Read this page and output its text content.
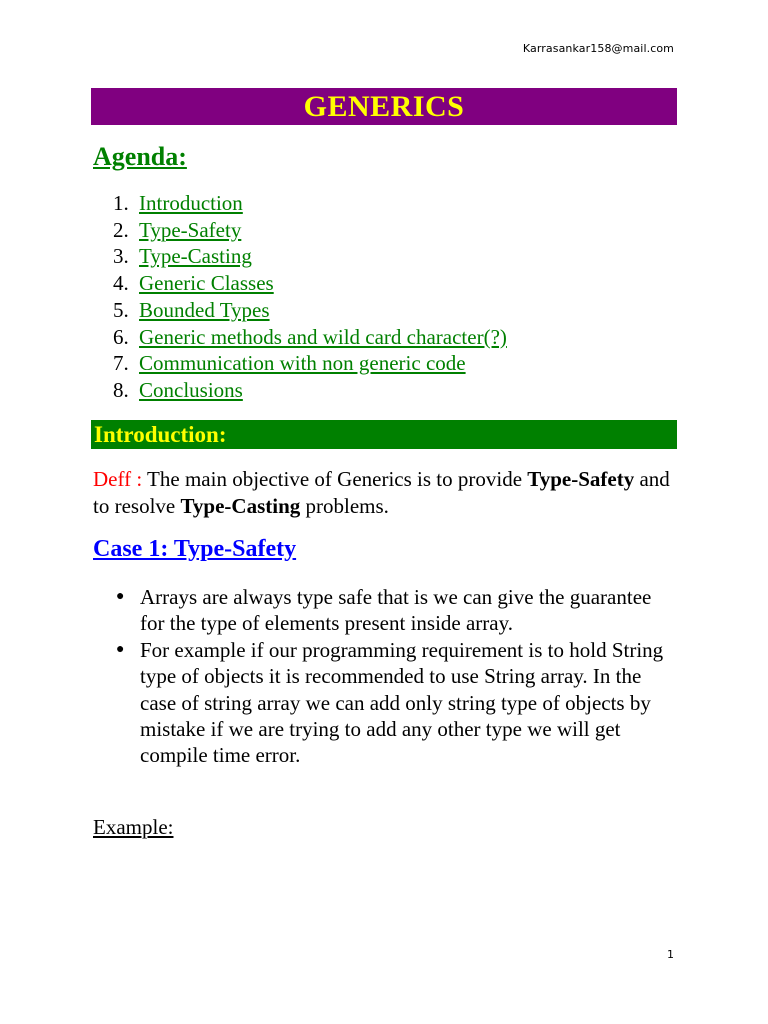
Karrasankar158@mail.com
GENERICS
Agenda:
1. Introduction
2. Type-Safety
3. Type-Casting
4. Generic Classes
5. Bounded Types
6. Generic methods and wild card character(?)
7. Communication with non generic code
8. Conclusions
Introduction:

Deff : The main objective of Generics is to provide Type-Safety and to resolve Type-Casting problems.

Case 1: Type-Safety
● Arrays are always type safe that is we can give the guarantee for the type of elements present inside array.
● For example if our programming requirement is to hold String type of objects it is recommended to use String array. In the case of string array we can add only string type of objects by mistake if we are trying to add any other type we will get compile time error.
Example:
1
